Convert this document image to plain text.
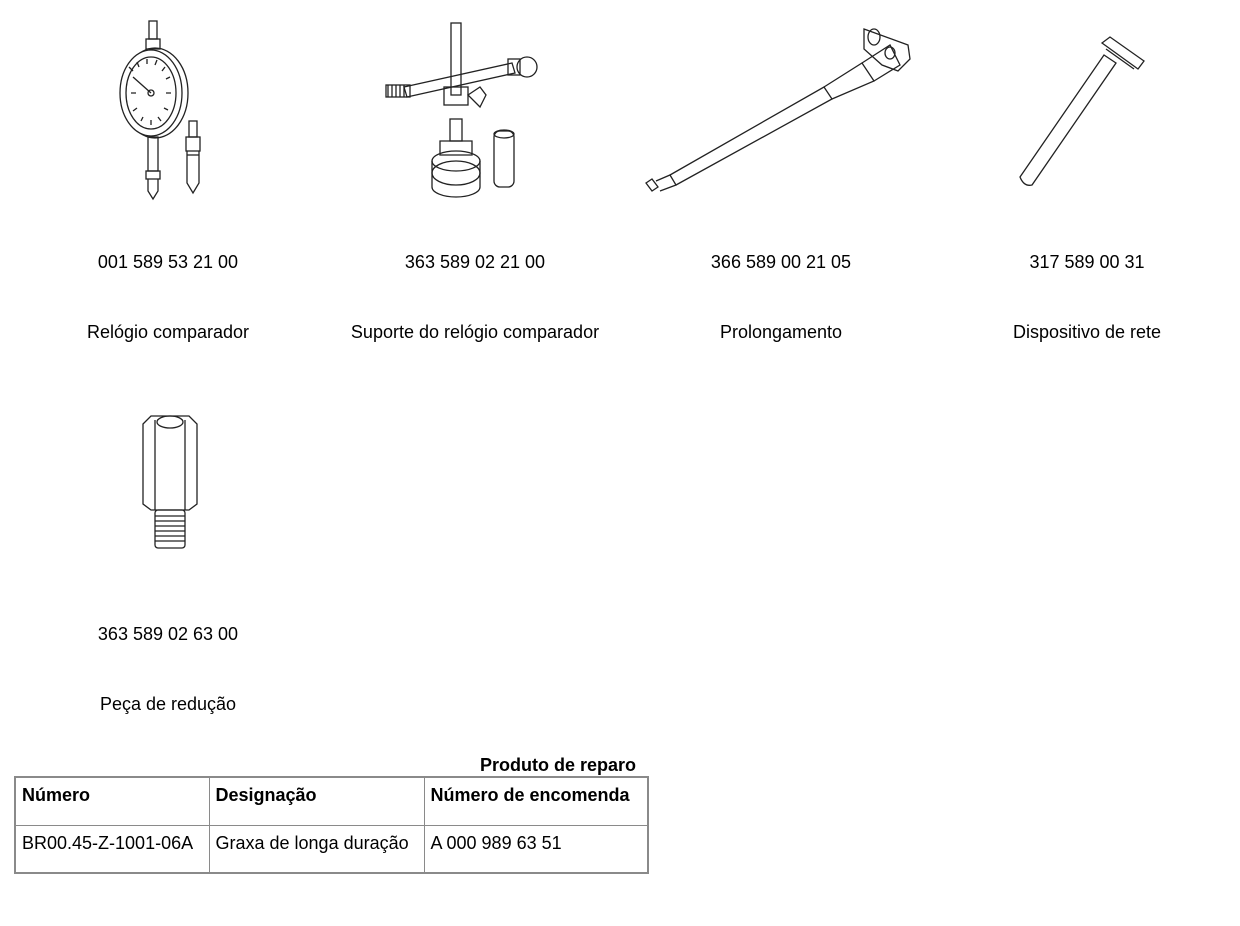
001 589 53 21 00
Relógio comparador
363 589 02 21 00
Suporte do relógio comparador
366 589 00 21 05
Prolongamento
317 589 00 31
Dispositivo de rete
363 589 02 63 00
Peça de redução
Produto de reparo
Número	Designação	Número de encomenda
BR00.45-Z-1001-06A	Graxa de longa duração	A 000 989 63 51
